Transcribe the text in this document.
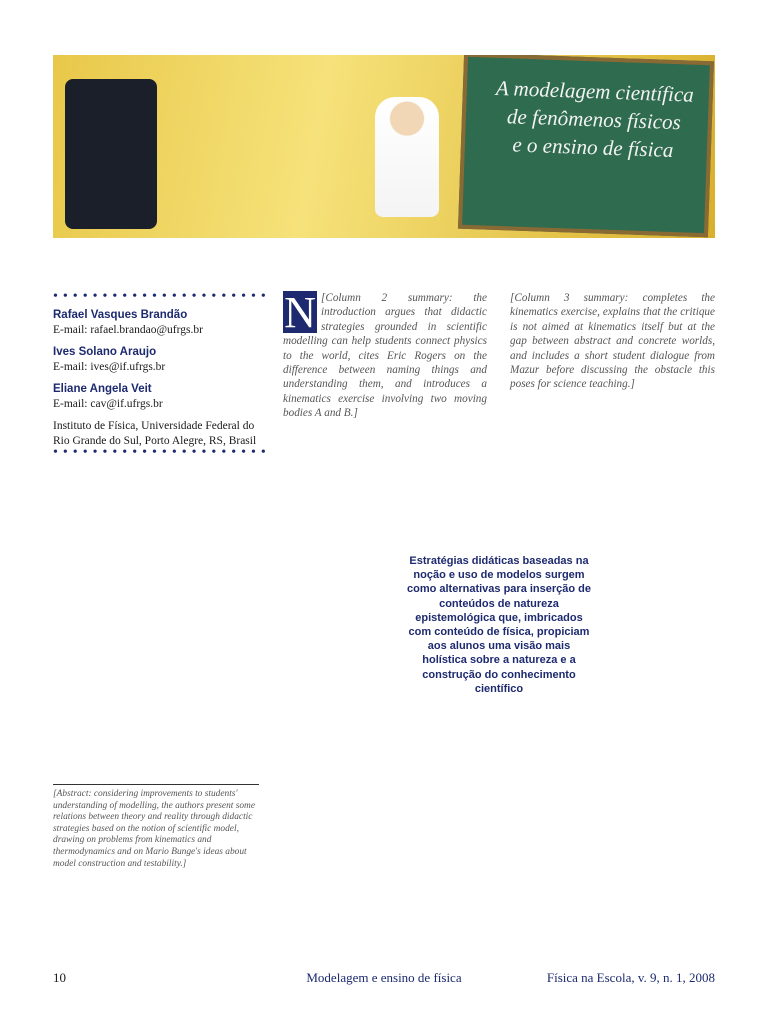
A modelagem científica
de fenômenos físicos
e o ensino de física
••••••••••••••••••••••
Rafael Vasques Brandão
E-mail: rafael.brandao@ufrgs.br
Ives Solano Araujo
E-mail: ives@if.ufrgs.br
Eliane Angela Veit
E-mail: cav@if.ufrgs.br
Instituto de Física, Universidade Federal do Rio Grande do Sul, Porto Alegre, RS, Brasil
••••••••••••••••••••••
[Abstract: considering improvements to students' understanding of modelling, the authors present some relations between theory and reality through didactic strategies based on the notion of scientific model, drawing on problems from kinematics and thermodynamics and on Mario Bunge's ideas about model construction and testability.]
N [Column 2 summary: the introduction argues that didactic strategies grounded in scientific modelling can help students connect physics to the world, cites Eric Rogers on the difference between naming things and understanding them, and introduces a kinematics exercise involving two moving bodies A and B.]
[Column 3 summary: completes the kinematics exercise, explains that the critique is not aimed at kinematics itself but at the gap between abstract and concrete worlds, and includes a short student dialogue from Mazur before discussing the obstacle this poses for science teaching.]
Estratégias didáticas baseadas na noção e uso de modelos surgem como alternativas para inserção de conteúdos de natureza epistemológica que, imbricados com conteúdo de física, propiciam aos alunos uma visão mais holística sobre a natureza e a construção do conhecimento científico
10	Modelagem e ensino de física	Física na Escola, v. 9, n. 1, 2008
